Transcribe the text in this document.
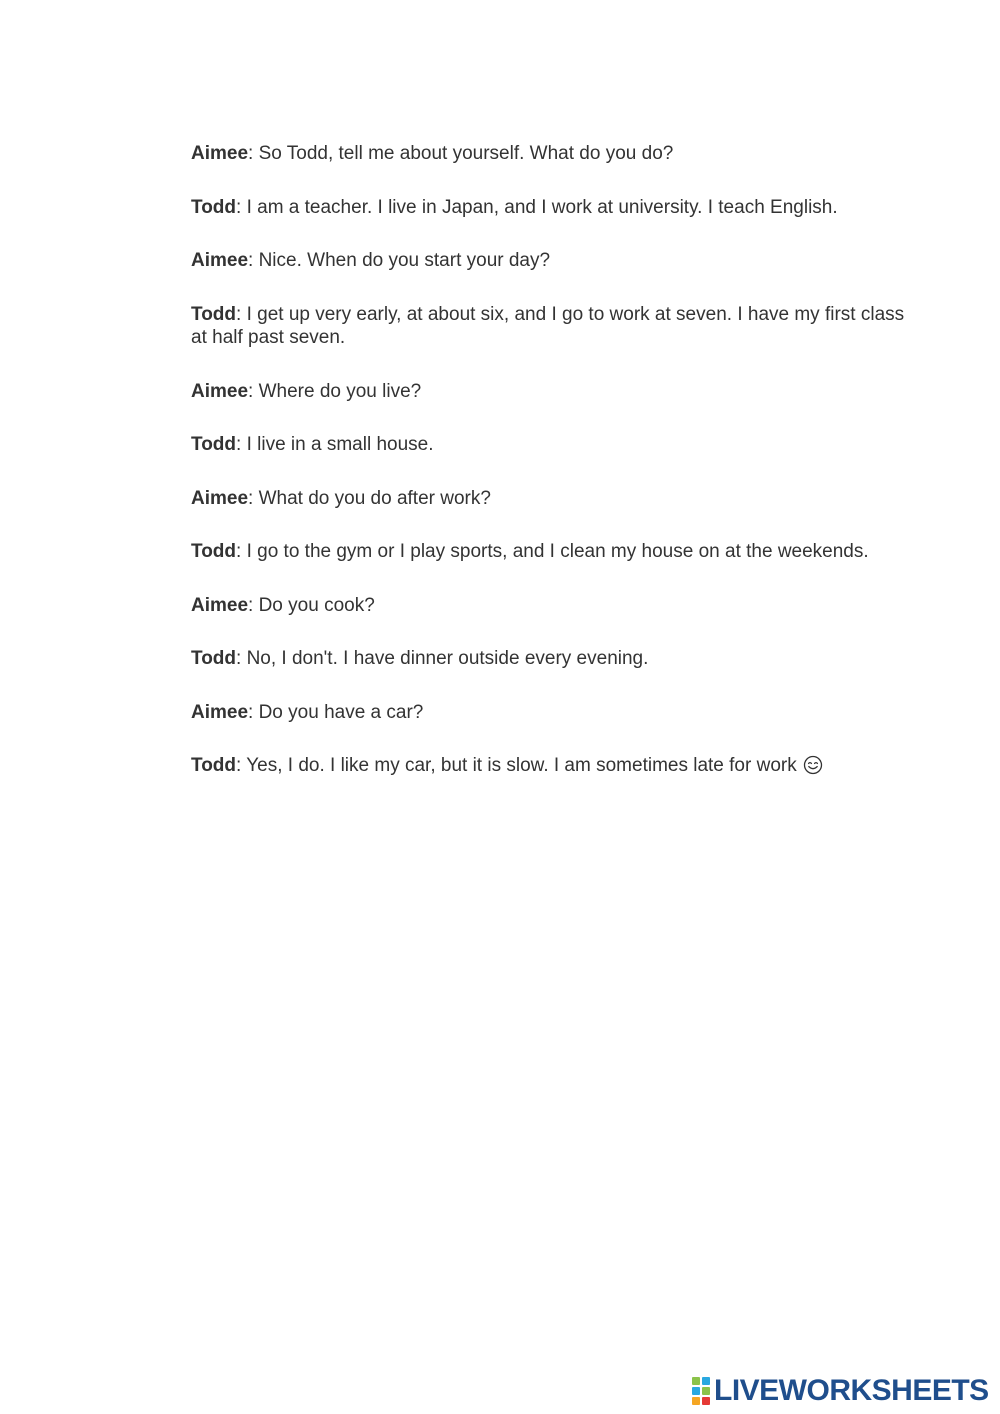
Aimee: So Todd, tell me about yourself. What do you do?

Todd: I am a teacher. I live in Japan, and I work at university. I teach English.

Aimee: Nice. When do you start your day?

Todd: I get up very early, at about six, and I go to work at seven. I have my first class at half past seven.

Aimee: Where do you live?

Todd: I live in a small house.

Aimee: What do you do after work?

Todd: I go to the gym or I play sports, and I clean my house on at the weekends.

Aimee: Do you cook?

Todd: No, I don't. I have dinner outside every evening.

Aimee: Do you have a car?

Todd: Yes, I do. I like my car, but it is slow. I am sometimes late for work

LIVEWORKSHEETS
